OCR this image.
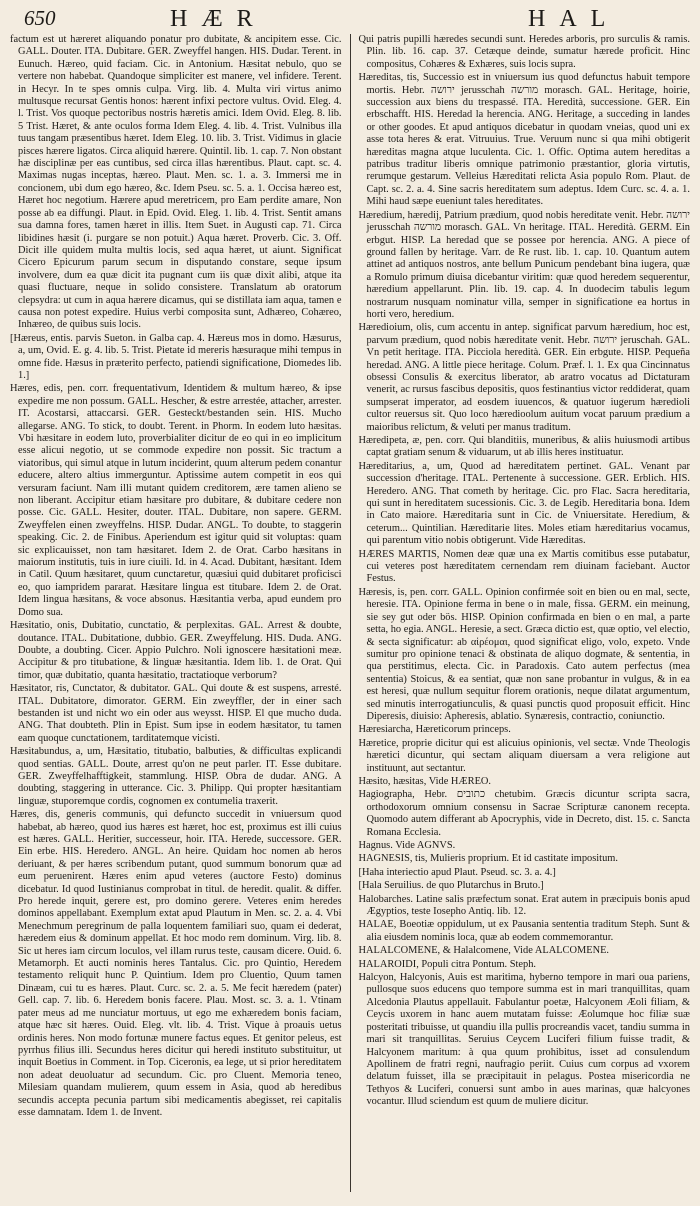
650	HÆR	HAL

factum est ut hæreret aliquando ponatur pro dubitate, & ancipitem esse. Cic. GALL. Douter. ITA. Dubitare. GER. Zweyffel hangen. HIS. Dudar. Terent. in Eunuch. Hæreo, quid faciam. Cic. in Antonium. Hæsitat nebulo, quo se vertere non habebat. Quandoque simpliciter est manere, vel infidere. Terent. in Hecyr. In te spes omnis culpa. Virg. lib. 4. Multa viri virtus animo multusque recursat Gentis honos: hærent infixi pectore vultus. Ovid. Eleg. 4. l. Trist. Vos quoque pectoribus nostris hæretis amici. Idem Ovid. Eleg. 8. lib. 5 Trist. Hæret, & ante oculos forma Idem Eleg. 4. lib. 4. Trist. Vulnibus illa tuus tangam præsentibus hæret. Idem Eleg. 10. lib. 3. Trist. Vidimus in glacie pisces hærere ligatos. Circa aliquid hærere. Quintil. lib. 1. cap. 7. Non obstant hæ disciplinæ per eas cuntibus, sed circa illas hærentibus. Plaut. capt. sc. 4. Maximas nugas inceptas, hæreo. Plaut. Men. sc. 1. a. 3. Immersi me in concionem, ubi dum ego hæreo, &c. Idem Pseu. sc. 5. a. 1. Occisa hæreo est, Hæret hoc negotium. Hærere apud meretricem, pro Eam perdite amare, Non posse ab ea diffungi. Plaut. in Epid. Ovid. Eleg. 1. lib. 4. Trist. Sentit amans sua damna fores, tamen hæret in illis. Item Suet. in Augusti cap. 71. Circa libidines hæsit (i. purgare se non potuit.) Aqua hæret. Proverb. Cic. 3. Off. Dicit ille quidem multa multis locis, sed aqua hæret, ut aiunt. Significat Cicero Epicurum parum secum in disputando constare, seque ipsum involvere, dum ea quæ dicit ita pugnant cum iis quæ dixit alibi, atque ita quasi fluctuare, neque in solido consistere. Translatum ab oratorum clepsydra: ut cum in aqua hærere dicamus, qui se distillata iam aqua, tamen e causa non potest expedire. Huius verbi composita sunt, Adhæreo, Cohæreo, Inhæreo, de quibus suis locis.

[Hæreus, entis. parvis Sueton. in Galba cap. 4. Hæreus mos in domo. Hæsurus, a, um, Ovid. E. g. 4. lib. 5. Trist. Pietate id mereris hæsuraque mihi tempus in omne fide. Hæsus in præterito perfecto, patiendi significatione, Diomedes lib. 1.]

Hæres, edis, pen. corr. frequentativum, Identidem & multum hæreo, & ipse expedire me non possum. GALL. Hescher, & estre arrestée, attacher, arrester. IT. Acostarsi, attaccarsi. GER. Gesteckt/bestanden sein. HIS. Mucho allegarse. ANG. To stick, to doubt. Terent. in Phorm. In eodem luto hæsitas. Vbi hæsitare in eodem luto, proverbialiter dicitur de eo qui in eo implicitum esse alicui negotio, ut se commode expedire non possit. Sic tractum a viatoribus, qui simul atque in lutum inciderint, quum alterum pedem conantur educere, altero altius immerguntur. Aptissime autem competit in eos qui versuram faciunt. Nam illi mutant quidem creditorem, ære tamen alieno se non liberant. Accipitur etiam hæsitare pro dubitare, & dubitare cedere non posse. Cic. GALL. Hesiter, douter. ITAL. Dubitare, non sapere. GERM. Zweyffelen einen zweyffelns. HISP. Dudar. ANGL. To doubte, to staggerin speaking. Cic. 2. de Finibus. Aperiendum est igitur quid sit voluptas: quam sic explicauisset, non tam hæsitaret. Idem 2. de Orat. Carbo hæsitans in maiorum institutis, tuis in iure ciuili. Id. in 4. Acad. Dubitant, hæsitant. Idem in Catil. Quum hæsitaret, quum cunctaretur, quæsiui quid dubitaret proficisci eo, quo iampridem pararat. Hæsitare lingua est titubare. Idem 2. de Orat. Idem lingua hæsitans, & voce absonus. Hæsitantia verba, apud eundem pro Domo sua.

Hæsitatio, onis, Dubitatio, cunctatio, & perplexitas. GAL. Arrest & doubte, doutance. ITAL. Dubitatione, dubbio. GER. Zweyffelung. HIS. Duda. ANG. Doubte, a doubting. Cicer. Appio Pulchro. Noli ignoscere hæsitationi meæ. Accipitur & pro titubatione, & linguæ hæsitantia. Idem lib. 1. de Orat. Qui timor, quæ dubitatio, quanta hæsitatio, tractatioque verborum?

Hæsitator, ris, Cunctator, & dubitator. GAL. Qui doute & est suspens, arresté. ITAL. Dubitatore, dimorator. GERM. Ein zweyffler, der in einer sach bestanden ist und nicht wo ein oder aus weysst. HISP. El que mucho duda. ANG. That doubteth. Plin in Epist. Sum ipse in eodem hæsitator, tu tamen eam quoque cunctationem, tarditatemque vicisti.

Hæsitabundus, a, um, Hæsitatio, titubatio, balbuties, & difficultas explicandi quod sentias. GALL. Doute, arrest qu'on ne peut parler. IT. Esse dubitare. GER. Zweyffelhafftigkeit, stammlung. HISP. Obra de dudar. ANG. A doubting, staggering in utterance. Cic. 3. Philipp. Qui propter hæsitantiam linguæ, stuporemque cordis, cognomen ex contumelia traxerit.

Hæres, dis, generis communis, qui defuncto succedit in vniuersum quod habebat, ab hæreo, quod ius hæres est hæret, hoc est, proximus est illi cuius est hæres. GALL. Heritier, successeur, hoir. ITA. Herede, successore. GER. Ein erbe. HIS. Heredero. ANGL. An heire. Quidam hoc nomen ab heros deriuant, & per hæres scribendum putant, quod summum bonorum quæ ad eum peruenirent. Hæres enim apud veteres (auctore Festo) dominus dicebatur. Id quod Iustinianus comprobat in titul. de heredit. qualit. & differ. Pro herede inquit, gerere est, pro domino gerere. Veteres enim heredes dominos appellabant. Exemplum extat apud Plautum in Men. sc. 2. a. 4. Vbi Menechmum peregrinum de palla loquentem familiari suo, quam ei dederat, hæredem eius & dominum appellat. Et hoc modo rem dominum. Virg. lib. 8. Sic ut heres iam circum loculos, vel illam rurus teste, causam dicere. Ouid. 6. Metamorph. Et aucti nominis heres Tantalus. Cic. pro Quintio, Heredem testamento reliquit hunc P. Quintium. Idem pro Cluentio, Quum tamen Dinæam, cui tu es hæres. Plaut. Curc. sc. 2. a. 5. Me fecit hæredem (pater) Gell. cap. 7. lib. 6. Heredem bonis facere. Plau. Most. sc. 3. a. 1. Vtinam pater meus ad me nunciatur mortuus, ut ego me exhæredem bonis faciam, atque hæc sit hæres. Ouid. Eleg. vlt. lib. 4. Trist. Vique à proauis uetus ordinis heres. Non modo fortunæ munere factus eques. Et genitor peleus, est pyrrhus filius illi. Secundus heres dicitur qui heredi instituto substituitur, ut inquit Boetius in Comment. in Top. Ciceronis, ea lege, ut si prior hereditatem non adeat deuoluatur ad secundum. Cic. pro Cluent. Memoria teneo, Milesiam quandam mulierem, quum essem in Asia, quod ab heredibus secundis accepta pecunia partum sibi medicamentis abegisset, rei capitalis esse damnatam. Idem 1. de Invent.

Qui patris pupilli hæredes secundi sunt. Heredes arboris, pro surculis & ramis. Plin. lib. 16. cap. 37. Cetæque deinde, sumatur hærede proficit. Hinc compositus, Cohæres & Exhæres, suis locis supra.

Hæreditas, tis, Successio est in vniuersum ius quod defunctus habuit tempore mortis. Hebr. ירושה jerusschah מורשה morasch. GAL. Heritage, hoirie, succession aux biens du trespassé. ITA. Heredità, successione. GER. Ein erbschafft. HIS. Heredad la herencia. ANG. Heritage, a succeding in landes or other goodes. Et apud antiquos dicebatur in quodam vneias, quod uni ex asse tota heres & erat. Vitruuius. True. Veruum nunc si qua mihi obtigerit hæreditas magna atque luculenta. Cic. 1. Offic. Optima autem hereditas a patribus traditur liberis omnique patrimonio præstantior, gloria virtutis, rerumque gestarum. Velleius Hæreditati relicta Asia populo Rom. Plaut. de Capt. sc. 2. a. 4. Sine sacris hereditatem sum adeptus. Idem Curc. sc. 4. a. 1. Mihi haud sæpe eueniunt tales hereditates.

Hæredium, hæredij, Patrium prædium, quod nobis hereditate venit. Hebr. ירושה jerusschah מורשה morasch. GAL. Vn heritage. ITAL. Heredità. GERM. Ein erbgut. HISP. La heredad que se possee por herencia. ANG. A piece of ground fallen by heritage. Varr. de Re rust. lib. 1. cap. 10. Quantum autem attinet ad antiquos nostros, ante bellum Punicum pendebant bina iugera, quæ a Romulo primum diuisa dicebantur viritim: quæ quod heredem sequerentur, hæredium appellarunt. Plin. lib. 19. cap. 4. In duodecim tabulis legum nostrarum nusquam nominatur villa, semper in significatione ea hortus in horti vero, heredium.

Hæredioium, olis, cum accentu in antep. significat parvum hæredium, hoc est, parvum prædium, quod nobis hæreditate venit. Hebr. ירושה jeruschah. GAL. Vn petit heritage. ITA. Picciola heredità. GER. Ein erbgute. HISP. Pequeña heredad. ANG. A little piece heritage. Colum. Præf. l. 1. Ex qua Cincinnatus obsessi Consulis & exercitus liberator, ab aratro vocatus ad Dictaturam venerit, ac rursus fascibus depositis, quos festinantius victor reddiderat, quam sumpserat imperator, ad eosdem iuuencos, & quatuor iugerum hæredioli cultor reuersus sit. Quo loco hæredioolum auitum vocat paruum prædium a maioribus relictum, & veluti per manus traditum.

Hæredipeta, æ, pen. corr. Qui blanditiis, muneribus, & aliis huiusmodi artibus captat gratiam senum & viduarum, ut ab illis heres instituatur.

Hæreditarius, a, um, Quod ad hæreditatem pertinet. GAL. Venant par succession d'heritage. ITAL. Pertenente à successione. GER. Erblich. HIS. Heredero. ANG. That cometh by heritage. Cic. pro Flac. Sacra hereditaria, qui sunt in hereditatem sucessionis. Cic. 3. de Legib. Hereditaria bona. Idem in Cato maiore. Hæreditaria sunt in Cic. de Vniuersitate. Heredium, & ceterum... Quintilian. Hæreditarie lites. Moles etiam hæreditarius vocamus, qui parentum vitio nobis obtigerunt. Vide Hæreditas.

HÆRES MARTIS, Nomen deæ quæ una ex Martis comitibus esse putabatur, cui veteres post hæreditatem cernendam rem diuinam faciebant. Auctor Festus.

Hæresis, is, pen. corr. GALL. Opinion confirmée soit en bien ou en mal, secte, heresie. ITA. Opinione ferma in bene o in male, fissa. GERM. ein meinung, sie sey gut oder bös. HISP. Opinion confirmada en bien o en mal, a parte setta, ho egia. ANGL. Heresie, a sect. Græca dictio est, quæ optio, vel electio, & secta significatur: ab αἱρέομαι, quod significat eligo, volo, expeto. Vnde sumitur pro opinione tenaci & obstinata de aliquo dogmate, & sententia, in qua perstitimus, electa. Cic. in Paradoxis. Cato autem perfectus (mea sententia) Stoicus, & ea sentiat, quæ non sane probantur in vulgus, & in ea est heresi, quæ nullum sequitur florem orationis, neque dilatat argumentum, sed minutis interrogatiunculis, & quasi punctis quod proposuit efficit. Hinc Diperesis, diuisio: Apheresis, ablatio. Synæresis, contractio, coniunctio.

Hæresiarcha, Hæreticorum princeps.

Hæretice, proprie dicitur qui est alicuius opinionis, vel sectæ. Vnde Theologis hæretici dicuntur, qui sectam aliquam diuersam a vera religione aut instituunt, aut sectantur.

Hæsito, hæsitas, Vide HÆREO.

Hagiographa, Hebr. כתובים chetubim. Græcis dicuntur scripta sacra, orthodoxorum omnium consensu in Sacrae Scripturæ canonem recepta. Quomodo autem differant ab Apocryphis, vide in Decreto, dist. 15. c. Sancta Romana Ecclesia.

Hagnus. Vide AGNVS.

HAGNESIS, tis, Mulieris proprium. Et id castitate impositum.

[Haha interiectio apud Plaut. Pseud. sc. 3. a. 4.]

[Hala Seruilius. de quo Plutarchus in Bruto.]

Halobarches. Latine salis præfectum sonat. Erat autem in præcipuis bonis apud Ægyptios, teste Iosepho Antiq. lib. 12.

HALAE, Boeotiæ oppidulum, ut ex Pausania sententia traditum Steph. Sunt & alia eiusdem nominis loca, quæ ab eodem commemorantur.

HALALCOMENE, & Halalcomene, Vide ALALCOMENE.

HALAROIDI, Populi citra Pontum. Steph.

Halcyon, Halcyonis, Auis est maritima, hyberno tempore in mari oua pariens, pullosque suos educens quo tempore summa est in mari tranquillitas, quam Alcedonia Plautus appellauit. Fabulantur poetæ, Halcyonem Æoli filiam, & Ceycis uxorem in hanc auem mutatam fuisse: Æolumque hoc filiæ suæ posteritati tribuisse, ut quandiu illa pullis procreandis vacet, tandiu summa in mari sit tranquillitas. Seruius Ceycem Luciferi filium fuisse tradit, & Halcyonem maritum: à qua quum prohibitus, isset ad consulendum Apollinem de fratri regni, naufragio periit. Cuius cum corpus ad vxorem delatum fuisset, illa se præcipitauit in pelagus. Postea misericordia ne Tethyos & Luciferi, conuersi sunt ambo in aues marinas, quæ halcyones vocantur. Illud sciendum est quum de muliere dicitur.
